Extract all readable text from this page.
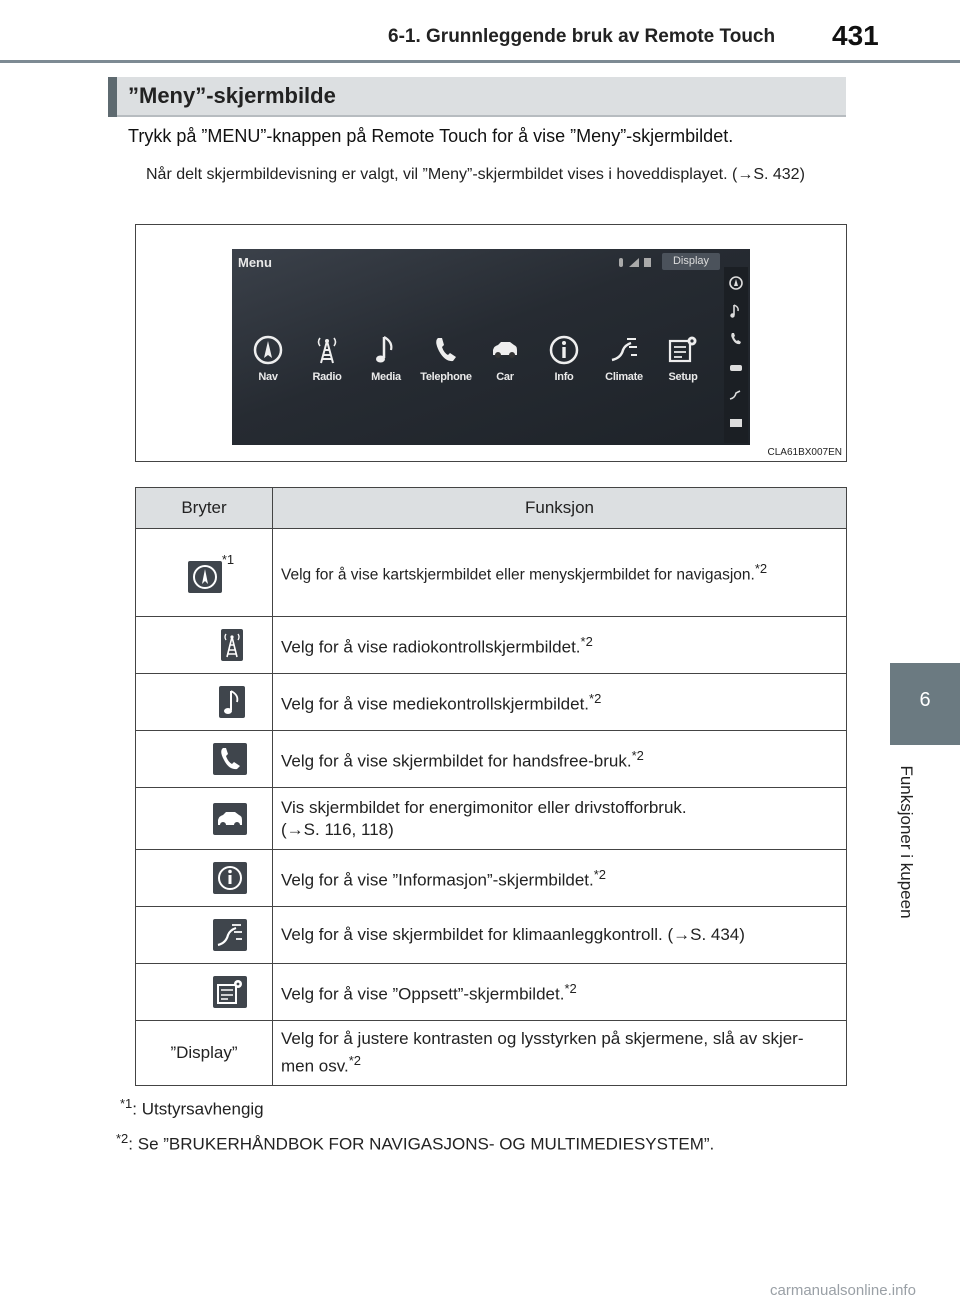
6-1. Grunnleggende bruk av Remote Touch 431
6
Funksjoner i kupeen
”Meny”-skjermbilde
Trykk på ”MENU”-knappen på Remote Touch for å vise ”Meny”-skjermbildet.
Når delt skjermbildevisning er valgt, vil ”Meny”-skjermbildet vises i hoveddisplayet. (→S. 432)
Menu	Display
Nav	Radio	Media	Telephone	Car	Info	Climate	Setup
CLA61BX007EN
Bryter	Funksjon

$^{*1}$	Velg for å vise kartskjermbildet eller menyskjermbildet for navigasjon.$^{*2}$

	Velg for å vise radiokontrollskjermbildet.$^{*2}$

	Velg for å vise mediekontrollskjermbildet.$^{*2}$

	Velg for å vise skjermbildet for handsfree-bruk.$^{*2}$

Vis skjermbildet for energimonitor eller drivstofforbruk.
(→S. 116, 118)

	Velg for å vise ”Informasjon”-skjermbildet.$^{*2}$

	Velg for å vise skjermbildet for klimaanleggkontroll. (→S. 434)

	Velg for å vise ”Oppsett”-skjermbildet.$^{*2}$
”Display”	Velg for å justere kontrasten og lysstyrken på skjermene, slå av skjer-
men osv.$^{*2}$
$^{*1}$: Utstyrsavhengig
$^{*2}$: Se ”BRUKERHÅNDBOK FOR NAVIGASJONS- OG MULTIMEDIESYSTEM”.
carmanualsonline.info
